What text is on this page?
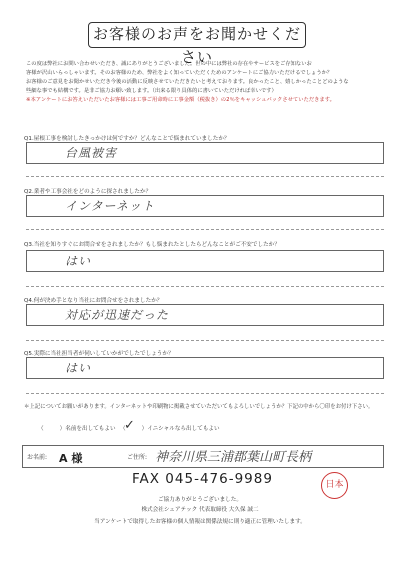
お客様のお声をお聞かせください
この度は弊社にお問い合わせいただき、誠にありがとうございました。世の中には弊社の存在やサービスをご存知ないお
客様が沢山いらっしゃいます。そのお客様のため、弊社をよく知っていただくためのアンケートにご協力いただけるでしょうか？
お客様のご意見をお聞かせいただき今後の活動に反映させていただきたいと考えております。良かったこと、嬉しかったことどのような
些細な事でも結構です。是非ご協力お願い致します。（出来る限り具体的に書いていただければ幸いです）
※本アンケートにお答えいただいたお客様には工事ご用命時に工事金額（税抜き）の2％をキャッシュバックさせていただきます。
Q1.屋根工事を検討したきっかけは何ですか？どんなことで悩まれていましたか？
台風被害
Q2.業者や工事会社をどのように探されましたか？
インターネット
Q3.当社を知りすぐにお問合せをされましたか？もし悩まれたとしたらどんなことがご不安でしたか？
はい
Q4.何が決め手となり当社にお問合せをされましたか？
対応が迅速だった
Q5.実際に当社担当者が伺いしていかがでしたでしょうか？
はい
＊上記についてお願いがあります。インターネットや印刷物に掲載させていただいてもよろしいでしょうか？下記の中から〇印をお付け下さい。
（	）名前を出してもよい （	）イニシャルなら出してもよい
✓
お名前: A 様	ご住所: 神奈川県三浦郡葉山町長柄
FAX 045-476-9989	日本
ご協力ありがとうございました。
株式会社シェアテック 代表取締役 大久保 誠二
当アンケートで取得したお客様の個人情報は関係法規に則り適正に管理いたします。
